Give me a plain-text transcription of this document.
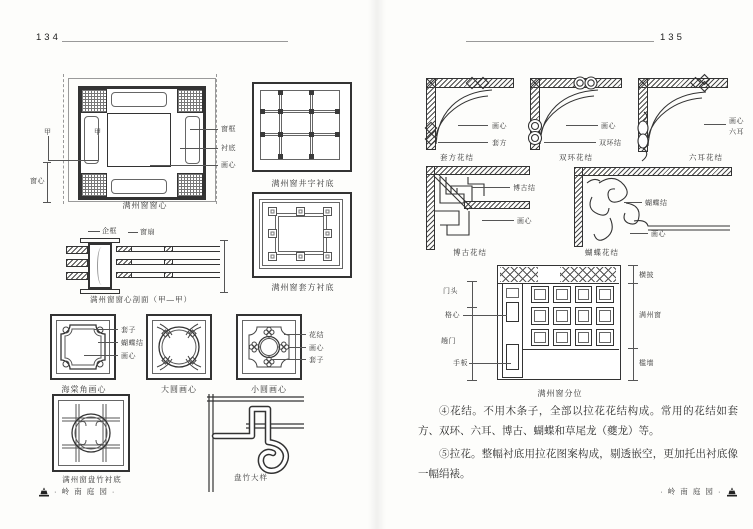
134
甲	甲
窗心
窗框
衬底
画心
满州窗窗心
满州窗井字衬底
满州窗套方衬底
企框	窗扇
满州窗窗心剖面（甲—甲）
套子
蝴蝶结
画心
海棠角画心	大圆画心
花结
画心
套子
小圆画心
满州窗盘竹衬底	盘竹大样
· 岭 南 庭 园 ·
135
画心
套方
套方花结
画心
双环结
双环花结
画心
六耳
六耳花结
博古结
画心
博古花结
蝴蝶结
画心
蝴蝶花结
门头
格心
趟门
手板
横披
满州窗
槛墙
满州窗分位

④花结。不用木条子，全部以拉花花结构成。常用的花结如套方、双环、六耳、博古、蝴蝶和草尾龙（夔龙）等。

⑤拉花。整幅衬底用拉花图案构成，剔透嵌空，更加托出衬底像一幅绢裱。

· 岭 南 庭 园 ·
